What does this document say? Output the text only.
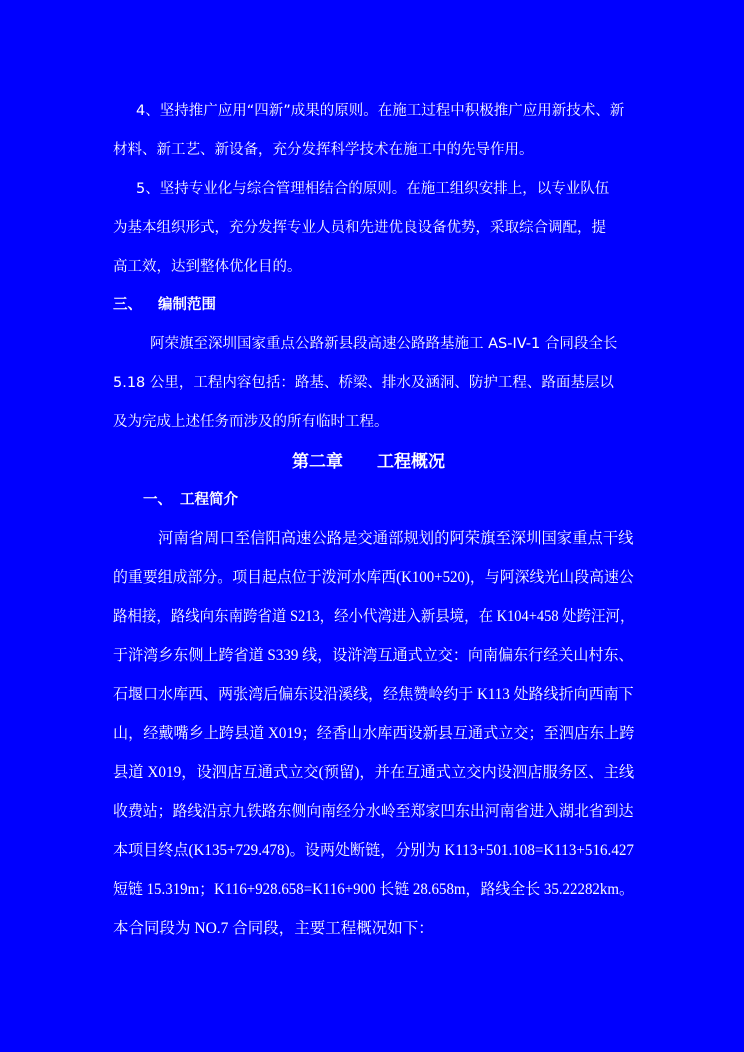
4、坚持推广应用“四新”成果的原则。在施工过程中积极推广应用新技术、新
材料、新工艺、新设备，充分发挥科学技术在施工中的先导作用。
5、坚持专业化与综合管理相结合的原则。在施工组织安排上，以专业队伍
为基本组织形式，充分发挥专业人员和先进优良设备优势，采取综合调配，提
高工效，达到整体优化目的。
三、 编制范围
阿荣旗至深圳国家重点公路新县段高速公路路基施工 AS-IV-1 合同段全长
5.18 公里，工程内容包括：路基、桥梁、排水及涵洞、防护工程、路面基层以
及为完成上述任务而涉及的所有临时工程。
第二章 工程概况
一、 工程简介
河南省周口至信阳高速公路是交通部规划的阿荣旗至深圳国家重点干线
的重要组成部分。项目起点位于泼河水库西(K100+520)，与阿深线光山段高速公
路相接，路线向东南跨省道 S213，经小代湾进入新县境，在 K104+458 处跨汪河，
于浒湾乡东侧上跨省道 S339 线，设浒湾互通式立交：向南偏东行经关山村东、
石堰口水库西、两张湾后偏东设沿溪线，经焦赞岭约于 K113 处路线折向西南下
山，经戴嘴乡上跨县道 X019；经香山水库西设新县互通式立交；至泗店东上跨
县道 X019，设泗店互通式立交(预留)，并在互通式立交内设泗店服务区、主线
收费站；路线沿京九铁路东侧向南经分水岭至郑家凹东出河南省进入湖北省到达
本项目终点(K135+729.478)。设两处断链，分别为 K113+501.108=K113+516.427
短链 15.319m；K116+928.658=K116+900 长链 28.658m，路线全长 35.22282km。
本合同段为 NO.7 合同段，主要工程概况如下：
